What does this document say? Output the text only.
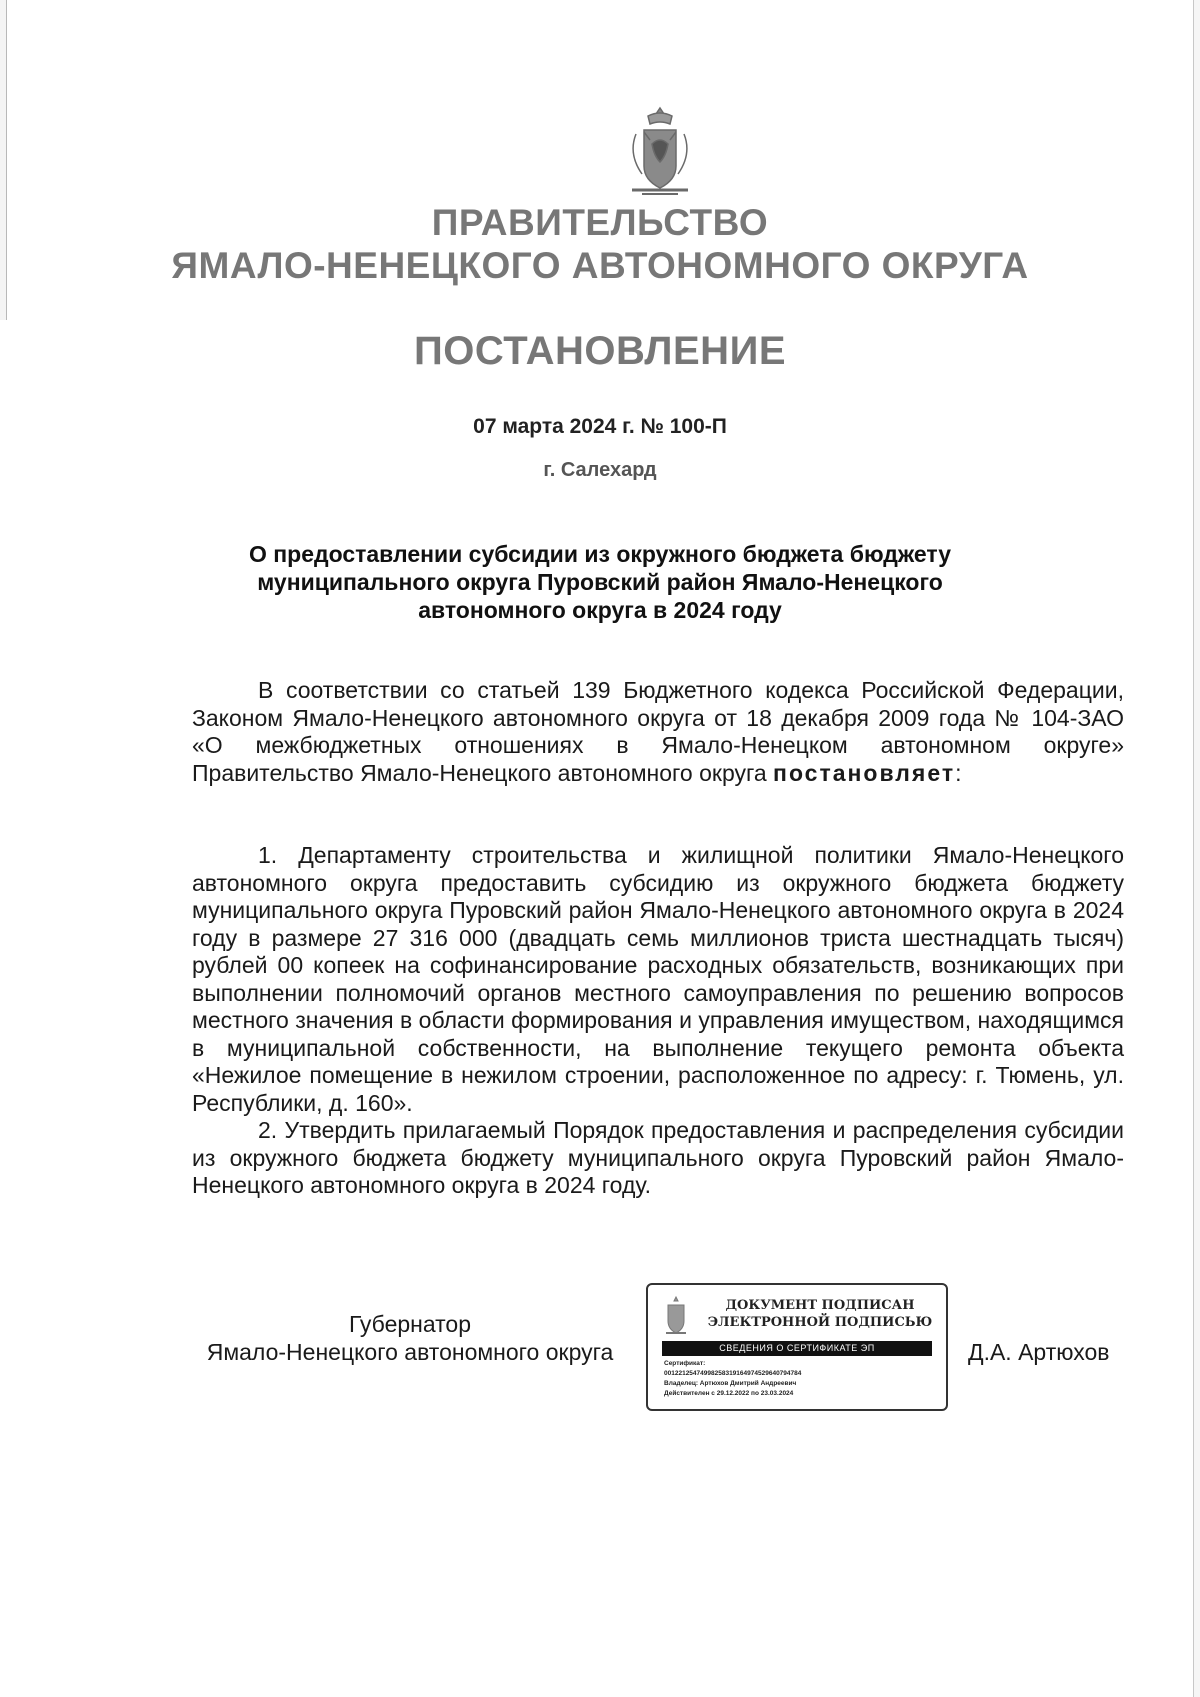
ПРАВИТЕЛЬСТВО
ЯМАЛО-НЕНЕЦКОГО АВТОНОМНОГО ОКРУГА
ПОСТАНОВЛЕНИЕ
07 марта 2024 г. № 100-П
г. Салехард
О предоставлении субсидии из окружного бюджета бюджету
муниципального округа Пуровский район Ямало-Ненецкого
автономного округа в 2024 году

В соответствии со статьей 139 Бюджетного кодекса Российской Федерации, Законом Ямало-Ненецкого автономного округа от 18 декабря 2009 года № 104-ЗАО «О межбюджетных отношениях в Ямало-Ненецком автономном округе» Правительство Ямало-Ненецкого автономного округа постановляет:

1. Департаменту строительства и жилищной политики Ямало-Ненецкого автономного округа предоставить субсидию из окружного бюджета бюджету муниципального округа Пуровский район Ямало-Ненецкого автономного округа в 2024 году в размере 27 316 000 (двадцать семь миллионов триста шестнадцать тысяч) рублей 00 копеек на софинансирование расходных обязательств, возникающих при выполнении полномочий органов местного самоуправления по решению вопросов местного значения в области формирования и управления имуществом, находящимся в муниципальной собственности, на выполнение текущего ремонта объекта «Нежилое помещение в нежилом строении, расположенное по адресу: г. Тюмень, ул. Республики, д. 160».

2. Утвердить прилагаемый Порядок предоставления и распределения субсидии из окружного бюджета бюджету муниципального округа Пуровский район Ямало-Ненецкого автономного округа в 2024 году.

Губернатор
Ямало-Ненецкого автономного округа
ДОКУМЕНТ ПОДПИСАН
ЭЛЕКТРОННОЙ ПОДПИСЬЮ
СВЕДЕНИЯ О СЕРТИФИКАТЕ ЭП
Сертификат:
00122125474998258319164974529640794784
Владелец: Артюхов Дмитрий Андреевич
Действителен с 29.12.2022 по 23.03.2024
Д.А. Артюхов
